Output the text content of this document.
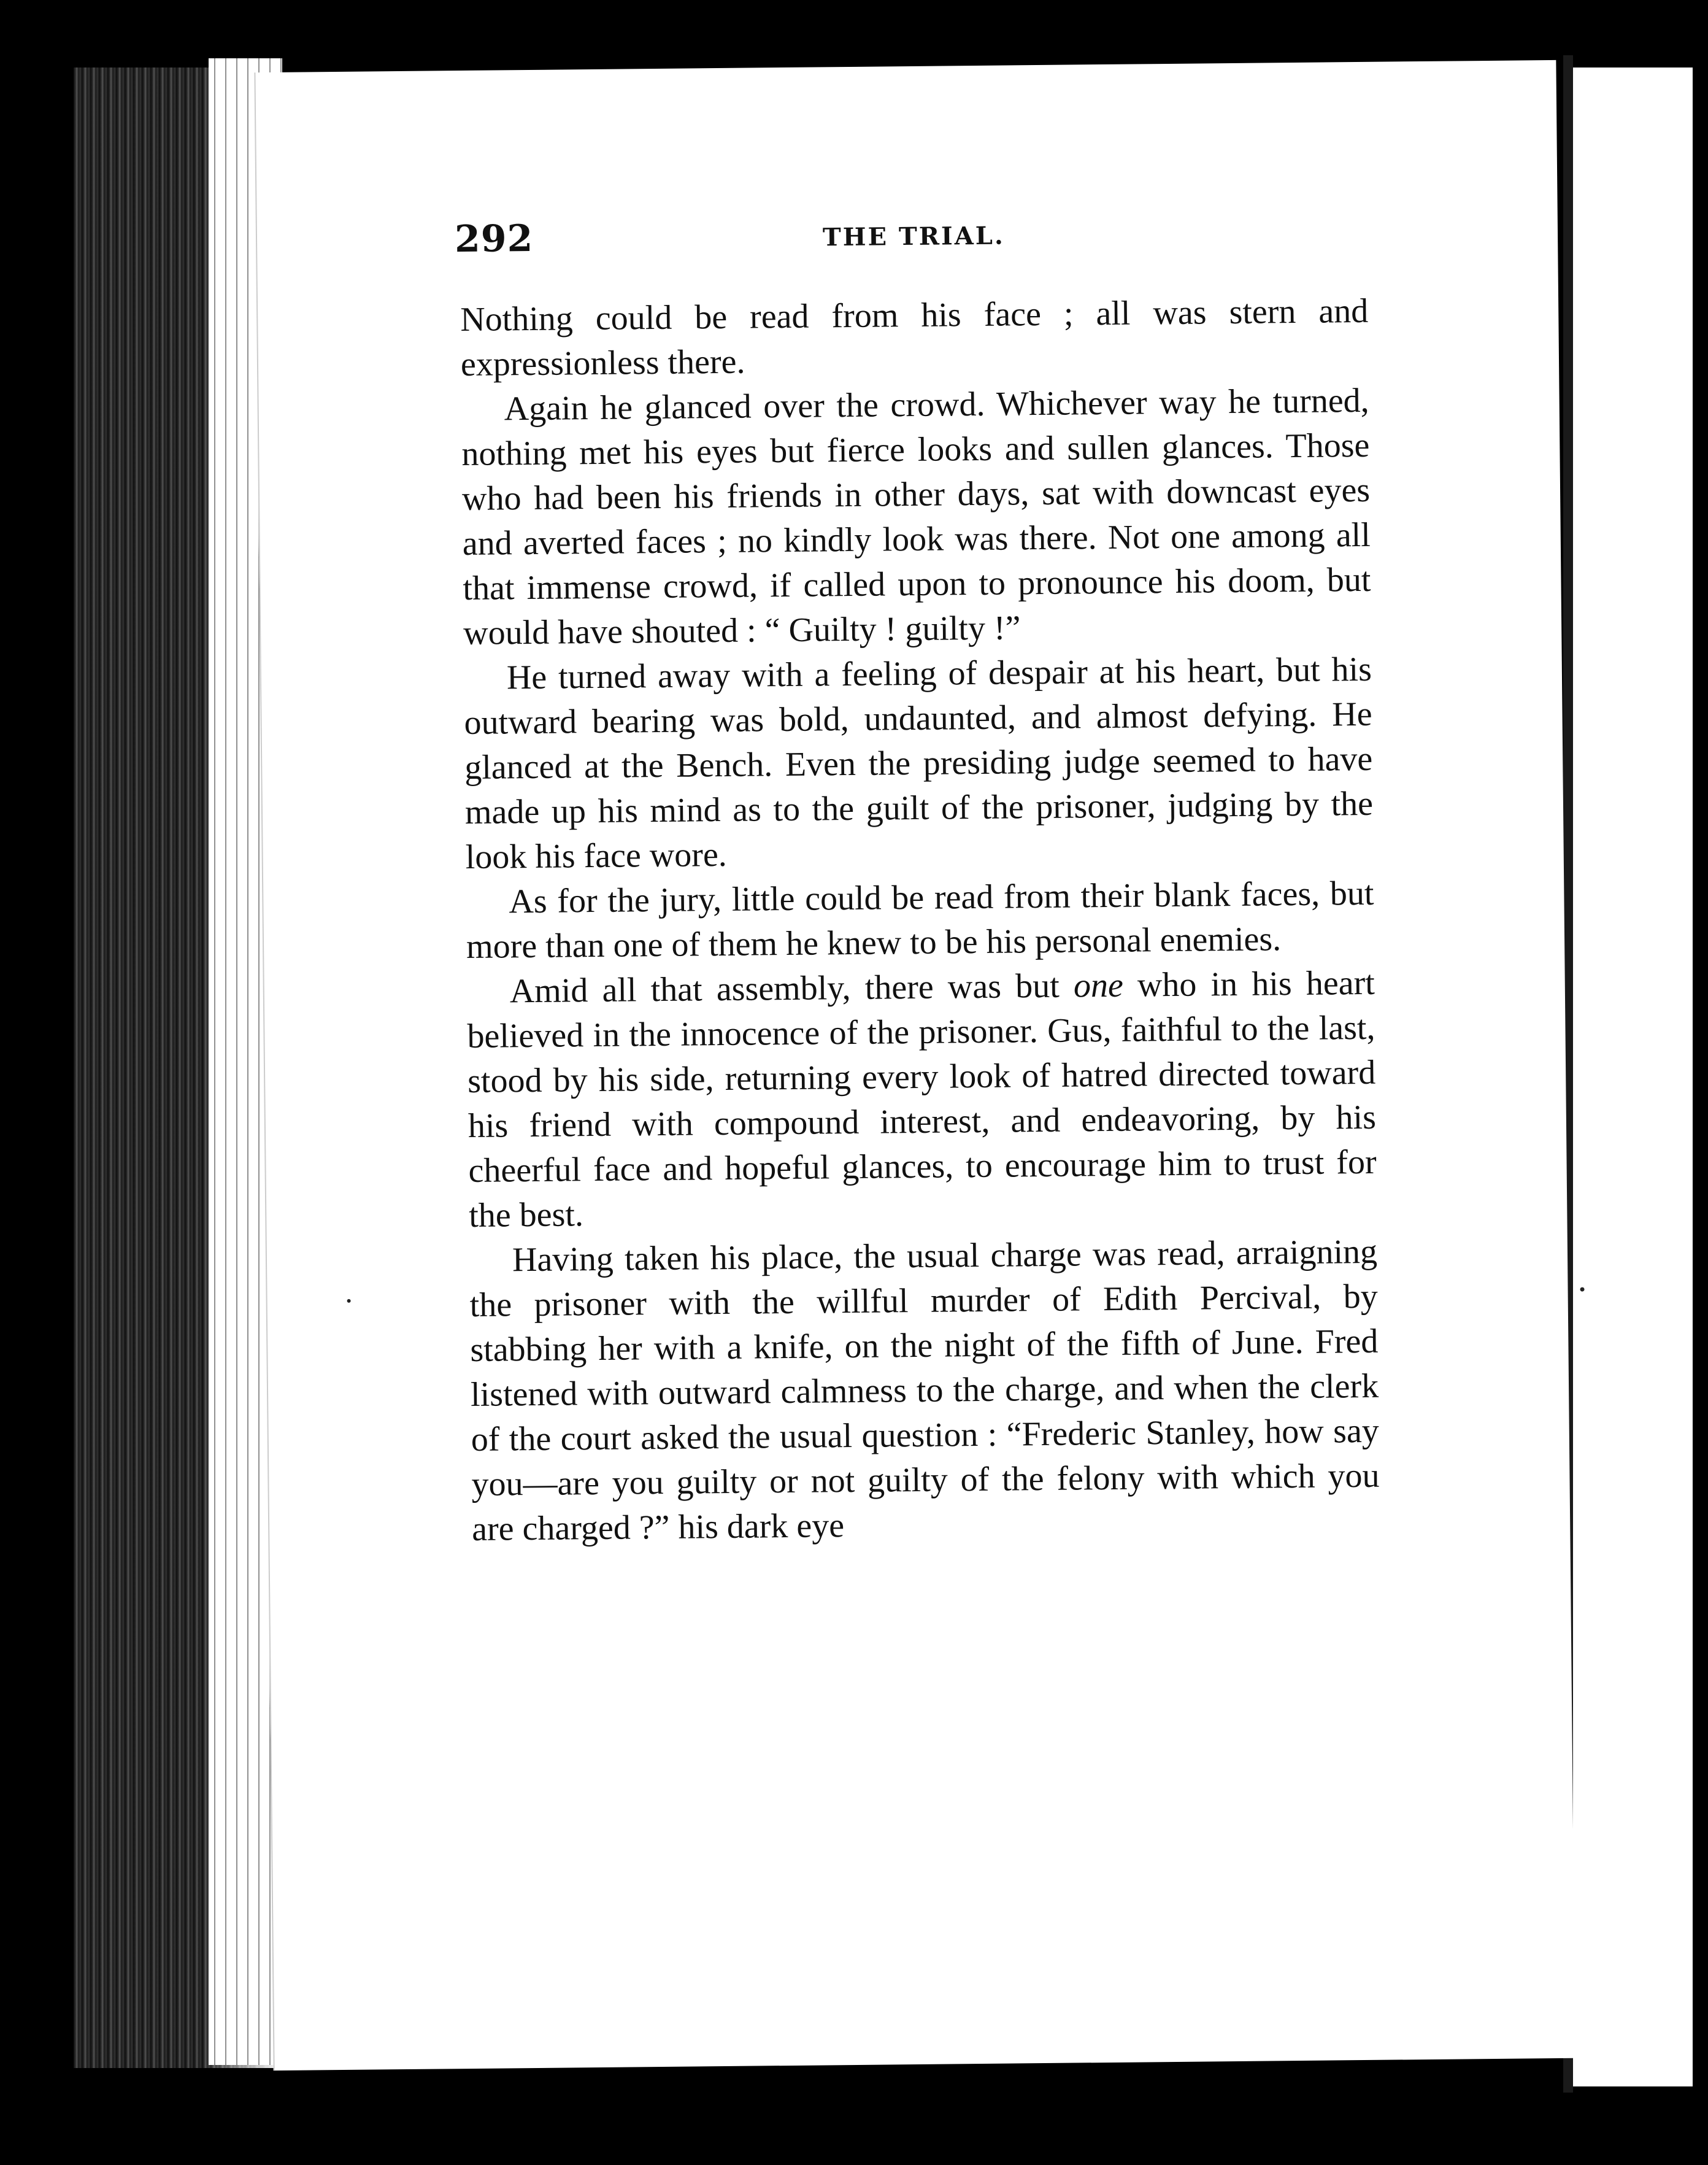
292	THE TRIAL.

Nothing could be read from his face ; all was stern and expressionless there.

Again he glanced over the crowd. Whichever way he turned, nothing met his eyes but fierce looks and sullen glances. Those who had been his friends in other days, sat with downcast eyes and averted faces ; no kindly look was there. Not one among all that immense crowd, if called upon to pronounce his doom, but would have shouted : “ Guilty ! guilty !”

He turned away with a feeling of despair at his heart, but his outward bearing was bold, undaunted, and almost defying. He glanced at the Bench. Even the presiding judge seemed to have made up his mind as to the guilt of the prisoner, judging by the look his face wore.

As for the jury, little could be read from their blank faces, but more than one of them he knew to be his personal enemies.

Amid all that assembly, there was but one who in his heart believed in the innocence of the prisoner. Gus, faithful to the last, stood by his side, returning every look of hatred directed toward his friend with compound interest, and endeavoring, by his cheerful face and hopeful glances, to encourage him to trust for the best.

Having taken his place, the usual charge was read, arraigning the prisoner with the willful murder of Edith Percival, by stabbing her with a knife, on the night of the fifth of June. Fred listened with outward calmness to the charge, and when the clerk of the court asked the usual question : “Frederic Stanley, how say you—are you guilty or not guilty of the felony with which you are charged ?” his dark eye
